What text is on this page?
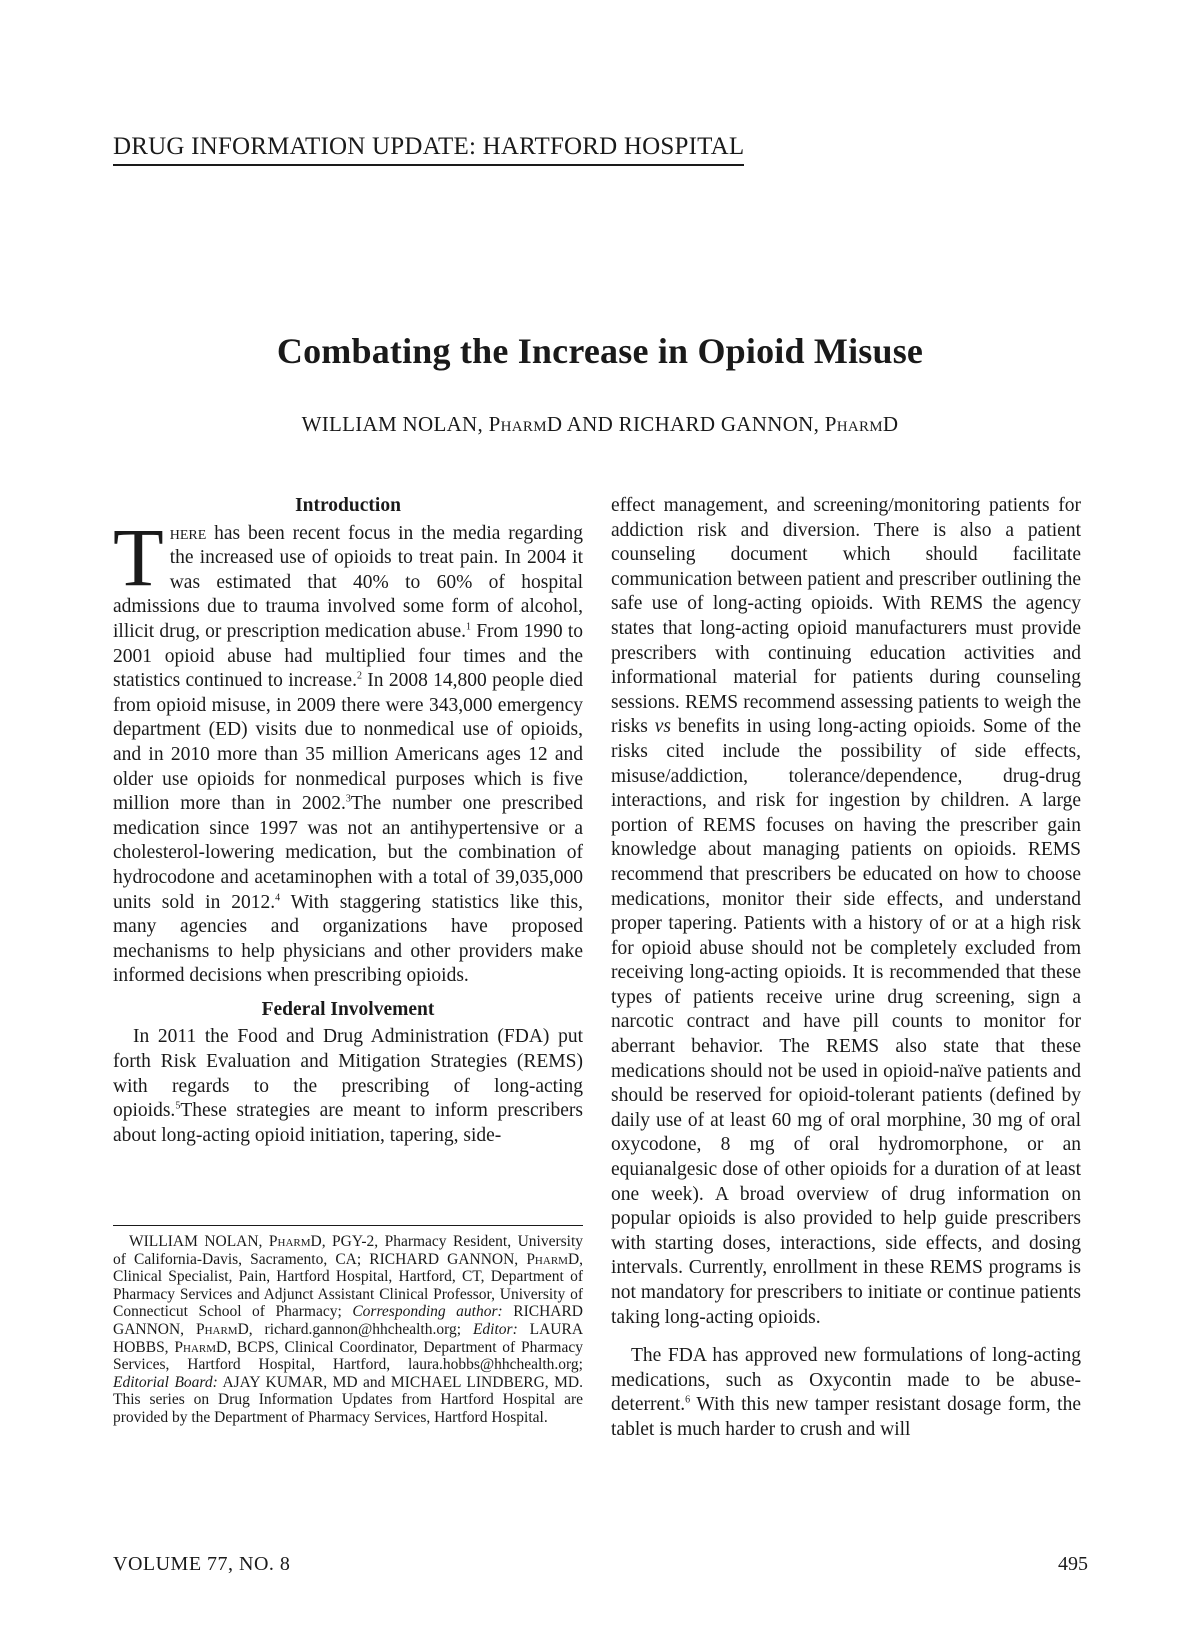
DRUG INFORMATION UPDATE: HARTFORD HOSPITAL
Combating the Increase in Opioid Misuse

WILLIAM NOLAN, PharmD AND RICHARD GANNON, PharmD

Introduction

There has been recent focus in the media regarding the increased use of opioids to treat pain. In 2004 it was estimated that 40% to 60% of hospital admissions due to trauma involved some form of alcohol, illicit drug, or prescription medication abuse.$^1$ From 1990 to 2001 opioid abuse had multiplied four times and the statistics continued to increase.$^2$ In 2008 14,800 people died from opioid misuse, in 2009 there were 343,000 emergency department (ED) visits due to nonmedical use of opioids, and in 2010 more than 35 million Americans ages 12 and older use opioids for nonmedical purposes which is five million more than in 2002.$^3$The number one prescribed medication since 1997 was not an antihypertensive or a cholesterol-lowering medication, but the combination of hydrocodone and acetaminophen with a total of 39,035,000 units sold in 2012.$^4$ With staggering statistics like this, many agencies and organizations have proposed mechanisms to help physicians and other providers make informed decisions when prescribing opioids.

Federal Involvement

In 2011 the Food and Drug Administration (FDA) put forth Risk Evaluation and Mitigation Strategies (REMS) with regards to the prescribing of long-acting opioids.$^5$These strategies are meant to inform prescribers about long-acting opioid initiation, tapering, side-

WILLIAM NOLAN, PharmD, PGY-2, Pharmacy Resident, University of California-Davis, Sacramento, CA; RICHARD GANNON, PharmD, Clinical Specialist, Pain, Hartford Hospital, Hartford, CT, Department of Pharmacy Services and Adjunct Assistant Clinical Professor, University of Connecticut School of Pharmacy; Corresponding author: RICHARD GANNON, PharmD, richard.gannon@hhchealth.org; Editor: LAURA HOBBS, PharmD, BCPS, Clinical Coordinator, Department of Pharmacy Services, Hartford Hospital, Hartford, laura.hobbs@hhchealth.org; Editorial Board: AJAY KUMAR, MD and MICHAEL LINDBERG, MD. This series on Drug Information Updates from Hartford Hospital are provided by the Department of Pharmacy Services, Hartford Hospital.

effect management, and screening/monitoring patients for addiction risk and diversion. There is also a patient counseling document which should facilitate communication between patient and prescriber outlining the safe use of long-acting opioids. With REMS the agency states that long-acting opioid manufacturers must provide prescribers with continuing education activities and informational material for patients during counseling sessions. REMS recommend assessing patients to weigh the risks vs benefits in using long-acting opioids. Some of the risks cited include the possibility of side effects, misuse/addiction, tolerance/dependence, drug-drug interactions, and risk for ingestion by children. A large portion of REMS focuses on having the prescriber gain knowledge about managing patients on opioids. REMS recommend that prescribers be educated on how to choose medications, monitor their side effects, and understand proper tapering. Patients with a history of or at a high risk for opioid abuse should not be completely excluded from receiving long-acting opioids. It is recommended that these types of patients receive urine drug screening, sign a narcotic contract and have pill counts to monitor for aberrant behavior. The REMS also state that these medications should not be used in opioid-naïve patients and should be reserved for opioid-tolerant patients (defined by daily use of at least 60 mg of oral morphine, 30 mg of oral oxycodone, 8 mg of oral hydromorphone, or an equianalgesic dose of other opioids for a duration of at least one week). A broad overview of drug information on popular opioids is also provided to help guide prescribers with starting doses, interactions, side effects, and dosing intervals. Currently, enrollment in these REMS programs is not mandatory for prescribers to initiate or continue patients taking long-acting opioids.

The FDA has approved new formulations of long-acting medications, such as Oxycontin made to be abuse-deterrent.$^6$ With this new tamper resistant dosage form, the tablet is much harder to crush and will

VOLUME 77, NO. 8	495
